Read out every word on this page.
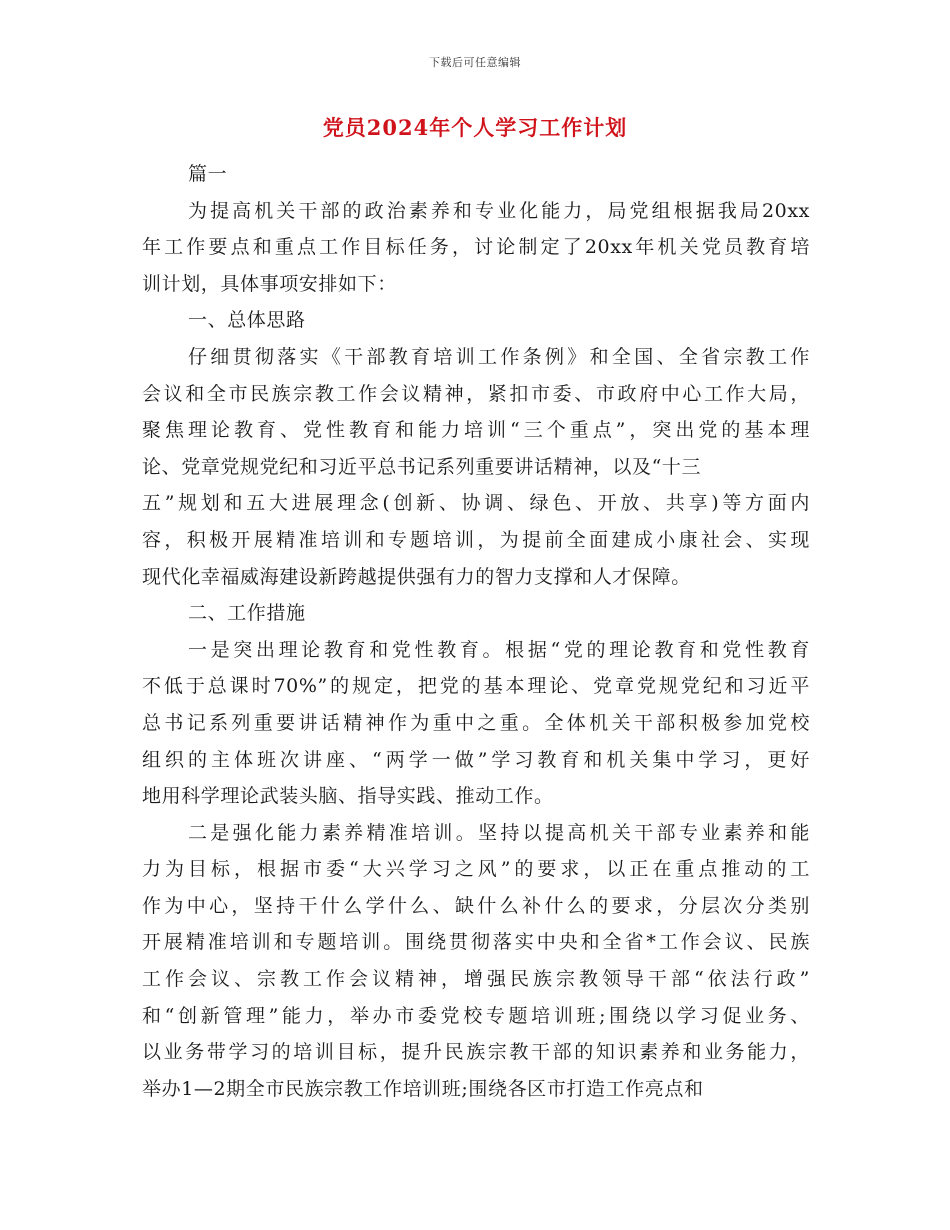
下载后可任意编辑
党员2024年个人学习工作计划
篇一
为提高机关干部的政治素养和专业化能力，局党组根据我局20xx
年工作要点和重点工作目标任务，讨论制定了20xx年机关党员教育培
训计划，具体事项安排如下：
一、总体思路
仔细贯彻落实《干部教育培训工作条例》和全国、全省宗教工作
会议和全市民族宗教工作会议精神，紧扣市委、市政府中心工作大局，
聚焦理论教育、党性教育和能力培训“三个重点”，突出党的基本理
论、党章党规党纪和习近平总书记系列重要讲话精神，以及“十三
五”规划和五大进展理念(创新、协调、绿色、开放、共享)等方面内
容，积极开展精准培训和专题培训，为提前全面建成小康社会、实现
现代化幸福威海建设新跨越提供强有力的智力支撑和人才保障。
二、工作措施
一是突出理论教育和党性教育。根据“党的理论教育和党性教育
不低于总课时70%”的规定，把党的基本理论、党章党规党纪和习近平
总书记系列重要讲话精神作为重中之重。全体机关干部积极参加党校
组织的主体班次讲座、“两学一做”学习教育和机关集中学习，更好
地用科学理论武装头脑、指导实践、推动工作。
二是强化能力素养精准培训。坚持以提高机关干部专业素养和能
力为目标，根据市委“大兴学习之风”的要求，以正在重点推动的工
作为中心，坚持干什么学什么、缺什么补什么的要求，分层次分类别
开展精准培训和专题培训。围绕贯彻落实中央和全省*工作会议、民族
工作会议、宗教工作会议精神，增强民族宗教领导干部“依法行政”
和“创新管理”能力，举办市委党校专题培训班;围绕以学习促业务、
以业务带学习的培训目标，提升民族宗教干部的知识素养和业务能力，
举办1—2期全市民族宗教工作培训班;围绕各区市打造工作亮点和
